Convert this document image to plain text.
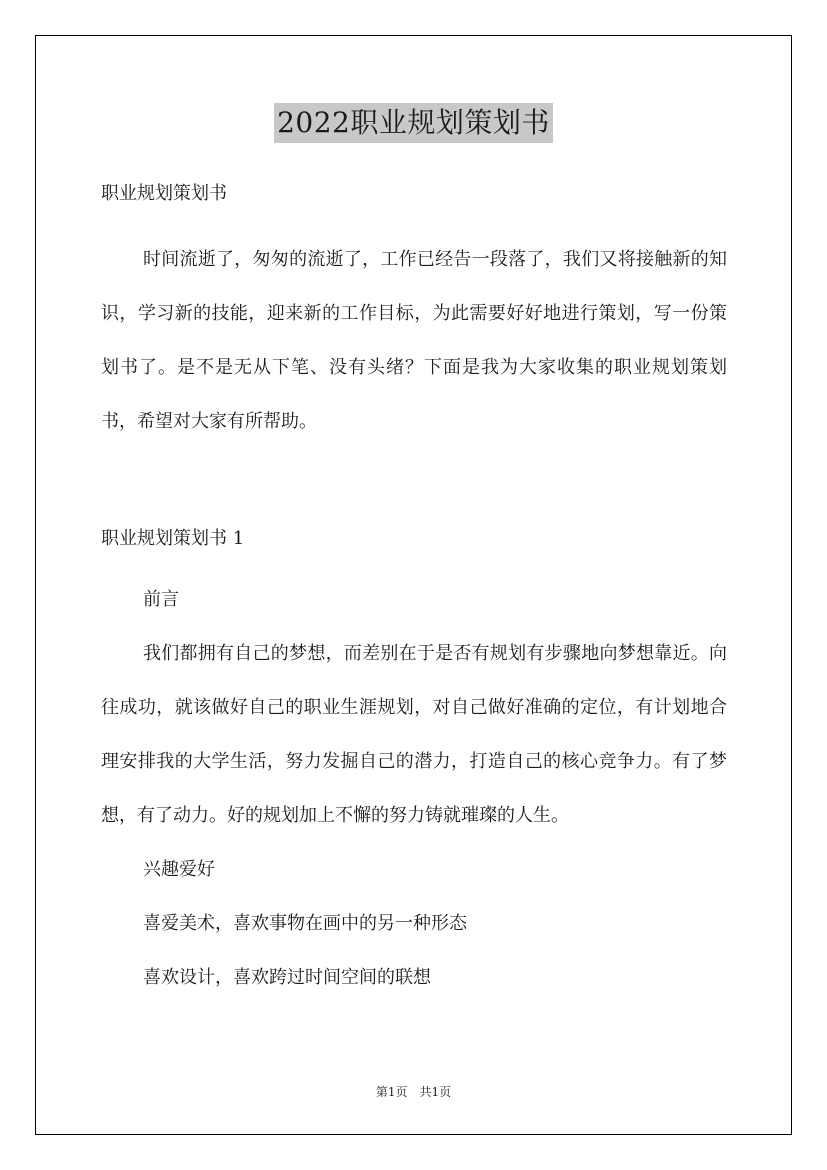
2022职业规划策划书

职业规划策划书

时间流逝了，匆匆的流逝了，工作已经告一段落了，我们又将接触新的知识，学习新的技能，迎来新的工作目标，为此需要好好地进行策划，写一份策划书了。是不是无从下笔、没有头绪？下面是我为大家收集的职业规划策划书，希望对大家有所帮助。

职业规划策划书 1

前言

我们都拥有自己的梦想，而差别在于是否有规划有步骤地向梦想靠近。向往成功，就该做好自己的职业生涯规划，对自己做好准确的定位，有计划地合理安排我的大学生活，努力发掘自己的潜力，打造自己的核心竞争力。有了梦想，有了动力。好的规划加上不懈的努力铸就璀璨的人生。

兴趣爱好

喜爱美术，喜欢事物在画中的另一种形态

喜欢设计，喜欢跨过时间空间的联想

第1页　共1页
